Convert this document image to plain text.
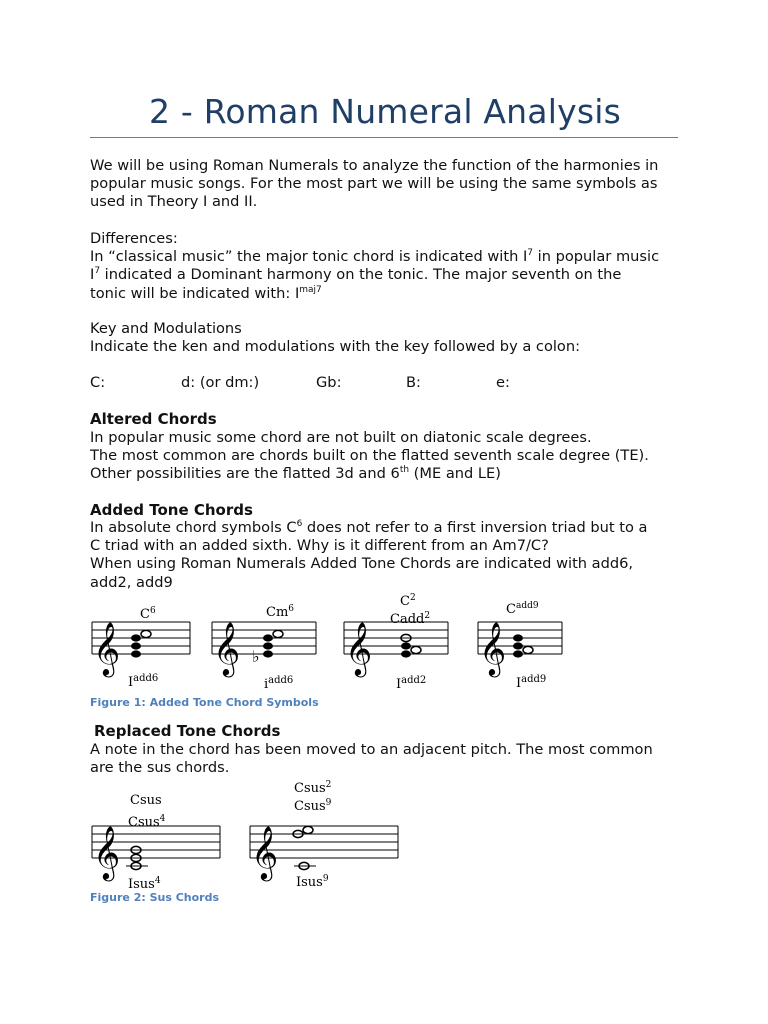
2 - Roman Numeral Analysis
We will be using Roman Numerals to analyze the function of the harmonies in
popular music songs. For the most part we will be using the same symbols as
used in Theory I and II.
Differences:
In “classical music” the major tonic chord is indicated with $I^7$ in popular music
$I^7$ indicated a Dominant harmony on the tonic. The major seventh on the
tonic will be indicated with: $I^{maj7}$
Key and Modulations
Indicate the ken and modulations with the key followed by a colon:
C:	d: (or dm:)	Gb:	B:	e:
Altered Chords
In popular music some chord are not built on diatonic scale degrees.
The most common are chords built on the flatted seventh scale degree (TE).
Other possibilities are the flatted 3d and 6th (ME and LE)
Added Tone Chords
In absolute chord symbols $C^6$ does not refer to a first inversion triad but to a
C triad with an added sixth. Why is it different from an Am7/C?
When using Roman Numerals Added Tone Chords are indicated with add6,
add2, add9
𝄞
$C^6$
$I^{add6}$
𝄞 ♭
Cm$^6$
$i^{add6}$
𝄞
$C^2$
Cadd$^2$
$I^{add2}$
𝄞
$C^{add9}$
$I^{add9}$
Figure 1: Added Tone Chord Symbols
Replaced Tone Chords
A note in the chord has been moved to an adjacent pitch. The most common
are the sus chords.
𝄞
Csus
Csus$^4$
Isus$^4$
𝄞
Csus$^2$
Csus$^9$
Isus$^9$
Figure 2: Sus Chords
